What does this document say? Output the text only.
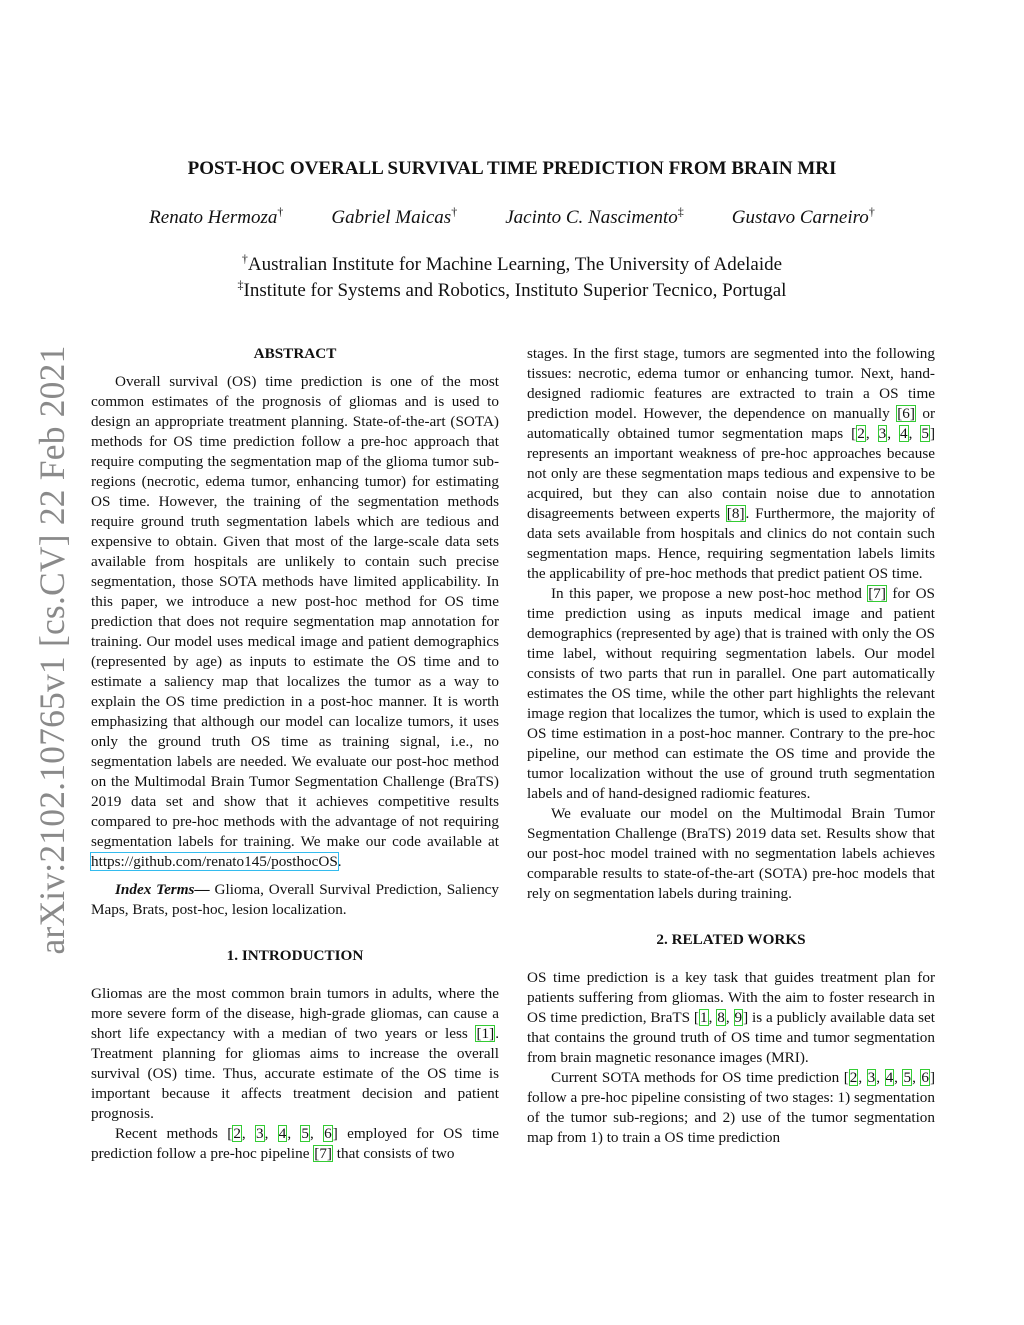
arXiv:2102.10765v1 [cs.CV] 22 Feb 2021
POST-HOC OVERALL SURVIVAL TIME PREDICTION FROM BRAIN MRI
Renato Hermoza†	Gabriel Maicas†	Jacinto C. Nascimento‡	Gustavo Carneiro†
†Australian Institute for Machine Learning, The University of Adelaide
‡Institute for Systems and Robotics, Instituto Superior Tecnico, Portugal
ABSTRACT

Overall survival (OS) time prediction is one of the most common estimates of the prognosis of gliomas and is used to design an appropriate treatment planning. State-of-the-art (SOTA) methods for OS time prediction follow a pre-hoc approach that require computing the segmentation map of the glioma tumor sub-regions (necrotic, edema tumor, enhancing tumor) for estimating OS time. However, the training of the segmentation methods require ground truth segmentation labels which are tedious and expensive to obtain. Given that most of the large-scale data sets available from hospitals are unlikely to contain such precise segmentation, those SOTA methods have limited applicability. In this paper, we introduce a new post-hoc method for OS time prediction that does not require segmentation map annotation for training. Our model uses medical image and patient demographics (represented by age) as inputs to estimate the OS time and to estimate a saliency map that localizes the tumor as a way to explain the OS time prediction in a post-hoc manner. It is worth emphasizing that although our model can localize tumors, it uses only the ground truth OS time as training signal, i.e., no segmentation labels are needed. We evaluate our post-hoc method on the Multimodal Brain Tumor Segmentation Challenge (BraTS) 2019 data set and show that it achieves competitive results compared to pre-hoc methods with the advantage of not requiring segmentation labels for training. We make our code available at https://github.com/renato145/posthocOS.

Index Terms— Glioma, Overall Survival Prediction, Saliency Maps, Brats, post-hoc, lesion localization.

1. INTRODUCTION

Gliomas are the most common brain tumors in adults, where the more severe form of the disease, high-grade gliomas, can cause a short life expectancy with a median of two years or less [1]. Treatment planning for gliomas aims to increase the overall survival (OS) time. Thus, accurate estimate of the OS time is important because it affects treatment decision and patient prognosis.

Recent methods [2, 3, 4, 5, 6] employed for OS time prediction follow a pre-hoc pipeline [7] that consists of two

stages. In the first stage, tumors are segmented into the following tissues: necrotic, edema tumor or enhancing tumor. Next, hand-designed radiomic features are extracted to train a OS time prediction model. However, the dependence on manually [6] or automatically obtained tumor segmentation maps [2, 3, 4, 5] represents an important weakness of pre-hoc approaches because not only are these segmentation maps tedious and expensive to be acquired, but they can also contain noise due to annotation disagreements between experts [8]. Furthermore, the majority of data sets available from hospitals and clinics do not contain such segmentation maps. Hence, requiring segmentation labels limits the applicability of pre-hoc methods that predict patient OS time.

In this paper, we propose a new post-hoc method [7] for OS time prediction using as inputs medical image and patient demographics (represented by age) that is trained with only the OS time label, without requiring segmentation labels. Our model consists of two parts that run in parallel. One part automatically estimates the OS time, while the other part highlights the relevant image region that localizes the tumor, which is used to explain the OS time estimation in a post-hoc manner. Contrary to the pre-hoc pipeline, our method can estimate the OS time and provide the tumor localization without the use of ground truth segmentation labels and of hand-designed radiomic features.

We evaluate our model on the Multimodal Brain Tumor Segmentation Challenge (BraTS) 2019 data set. Results show that our post-hoc model trained with no segmentation labels achieves comparable results to state-of-the-art (SOTA) pre-hoc models that rely on segmentation labels during training.

2. RELATED WORKS

OS time prediction is a key task that guides treatment plan for patients suffering from gliomas. With the aim to foster research in OS time prediction, BraTS [1, 8, 9] is a publicly available data set that contains the ground truth of OS time and tumor segmentation from brain magnetic resonance images (MRI).

Current SOTA methods for OS time prediction [2, 3, 4, 5, 6] follow a pre-hoc pipeline consisting of two stages: 1) segmentation of the tumor sub-regions; and 2) use of the tumor segmentation map from 1) to train a OS time prediction
